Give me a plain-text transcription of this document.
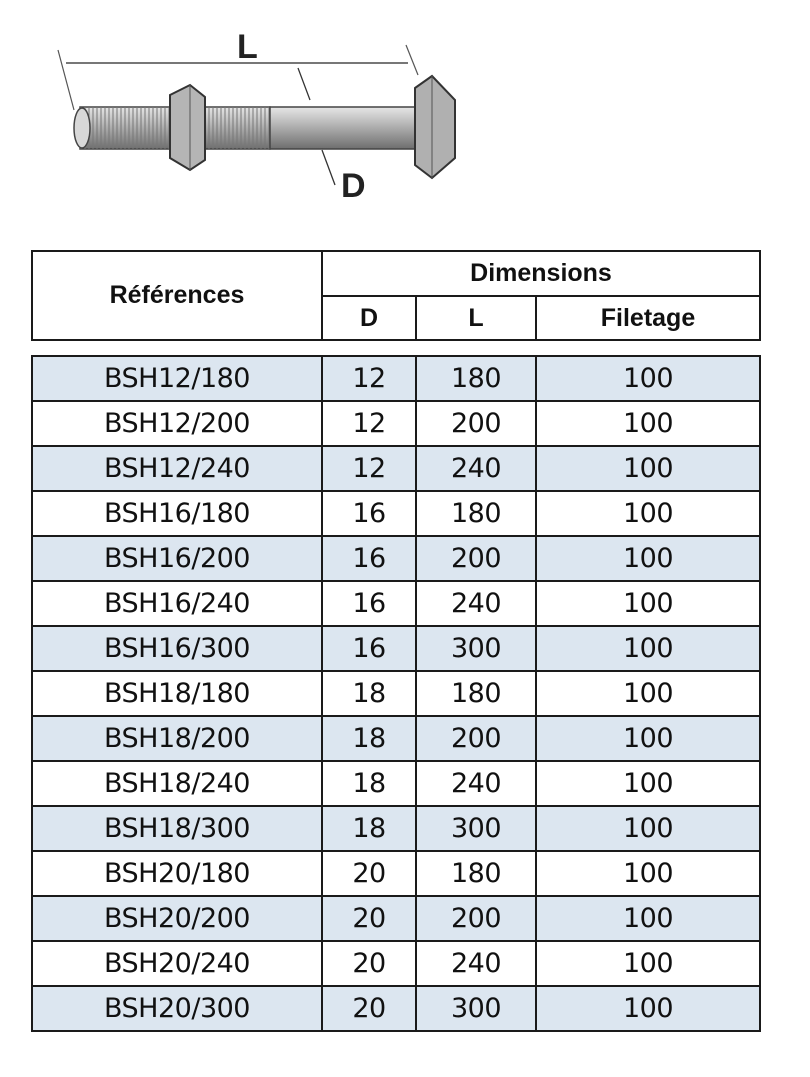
L
D
Références	Dimensions		
	D	L	Filetage
BSH12/180	12	180	100
BSH12/200	12	200	100
BSH12/240	12	240	100
BSH16/180	16	180	100
BSH16/200	16	200	100
BSH16/240	16	240	100
BSH16/300	16	300	100
BSH18/180	18	180	100
BSH18/200	18	200	100
BSH18/240	18	240	100
BSH18/300	18	300	100
BSH20/180	20	180	100
BSH20/200	20	200	100
BSH20/240	20	240	100
BSH20/300	20	300	100
